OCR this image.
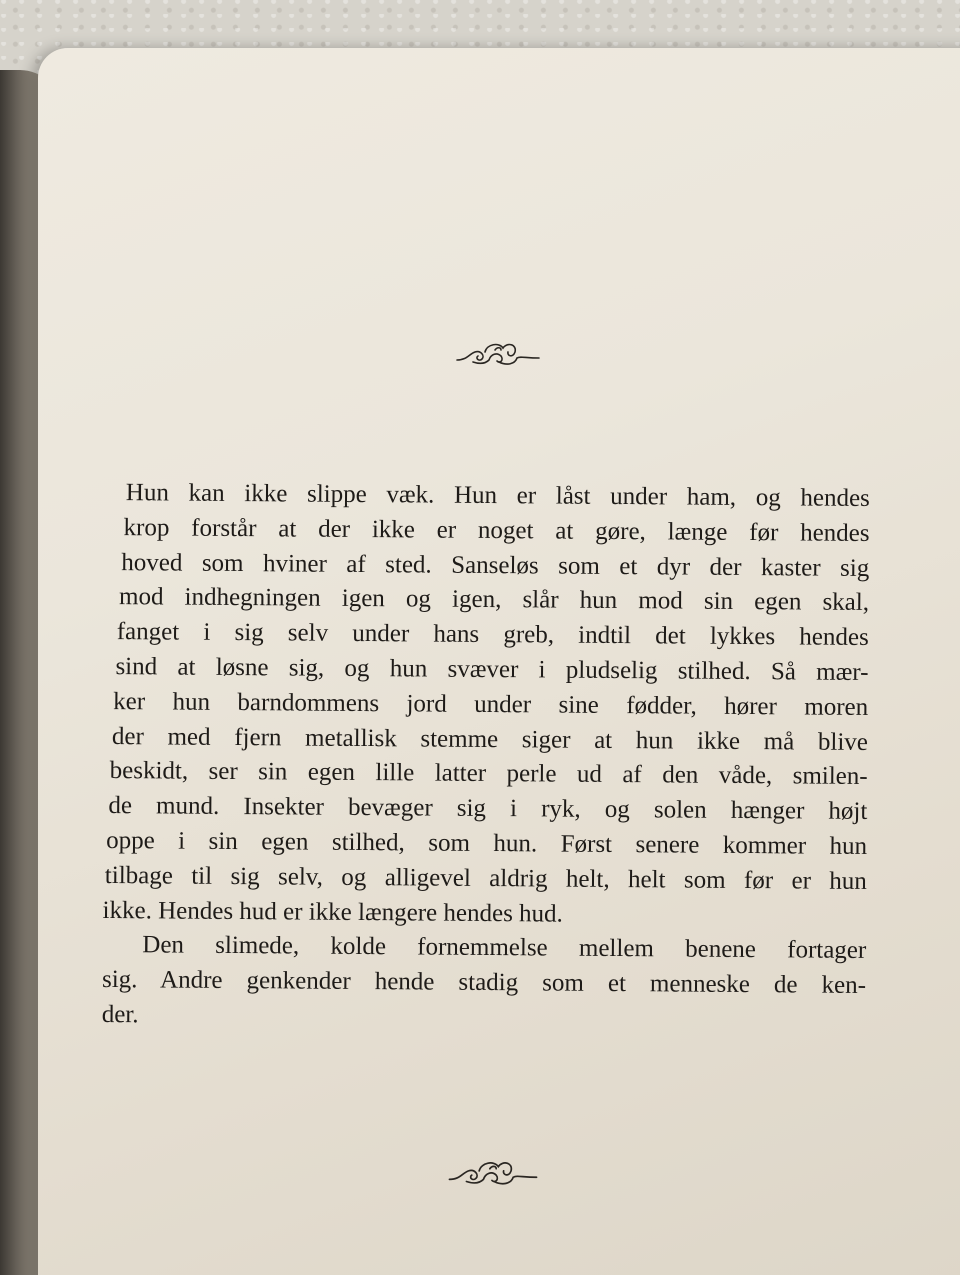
Hun kan ikke slippe væk. Hun er låst under ham, og hendes
krop forstår at der ikke er noget at gøre, længe før hendes
hoved som hviner af sted. Sanseløs som et dyr der kaster sig
mod indhegningen igen og igen, slår hun mod sin egen skal,
fanget i sig selv under hans greb, indtil det lykkes hendes
sind at løsne sig, og hun svæver i pludselig stilhed. Så mær-
ker hun barndommens jord under sine fødder, hører moren
der med fjern metallisk stemme siger at hun ikke må blive
beskidt, ser sin egen lille latter perle ud af den våde, smilen-
de mund. Insekter bevæger sig i ryk, og solen hænger højt
oppe i sin egen stilhed, som hun. Først senere kommer hun
tilbage til sig selv, og alligevel aldrig helt, helt som før er hun
ikke. Hendes hud er ikke længere hendes hud.
Den slimede, kolde fornemmelse mellem benene fortager
sig. Andre genkender hende stadig som et menneske de ken-
der.
